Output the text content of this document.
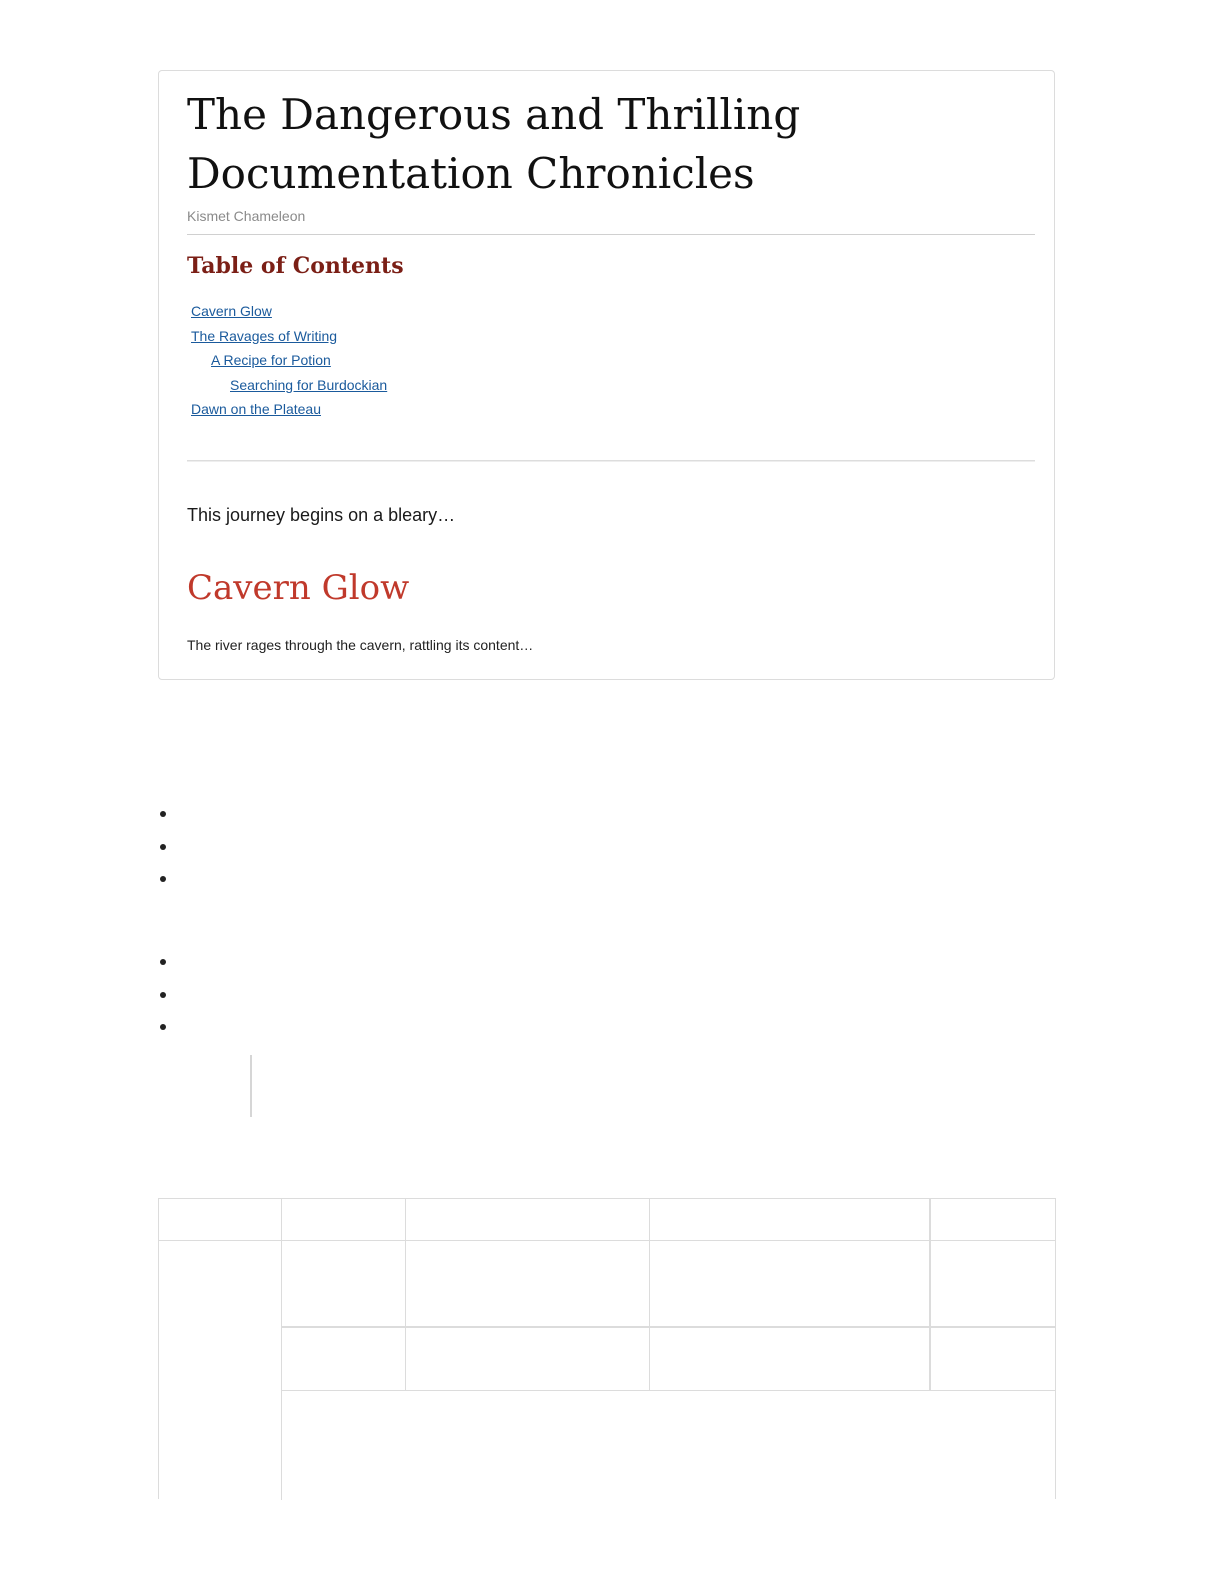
The Dangerous and Thrilling Documentation Chronicles

Kismet Chameleon

Table of Contents
Cavern Glow
The Ravages of Writing
A Recipe for Potion
Searching for Burdockian
Dawn on the Plateau

This journey begins on a bleary…

Cavern Glow

The river rages through the cavern, rattling its content…
